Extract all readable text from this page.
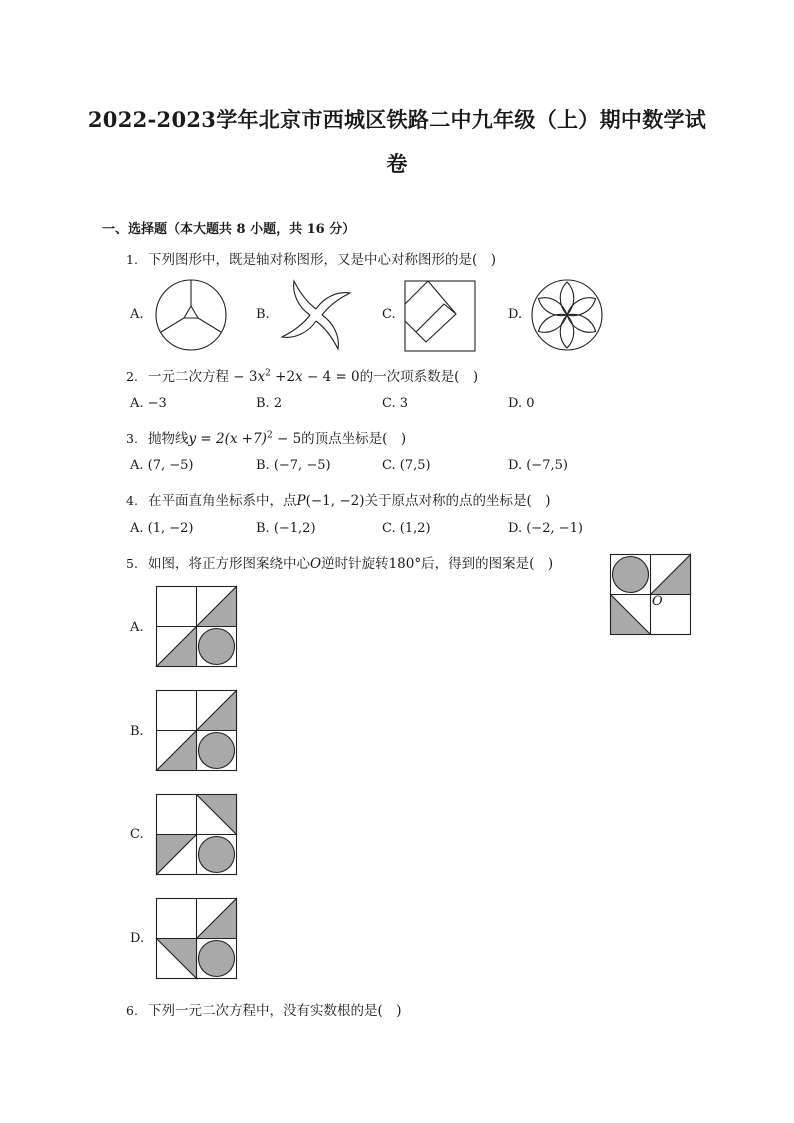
2022-2023学年北京市西城区铁路二中九年级（上）期中数学试
卷
一、选择题（本大题共 8 小题，共 16 分）
1. 下列图形中，既是轴对称图形，又是中心对称图形的是(　)
A.	B.	C.	D.
2. 一元二次方程 − $3x^2 +2x - 4 = 0$的一次项系数是(　)
A. −3	B. 2	C. 3	D. 0
3. 抛物线$y = 2(x +7)^2 - 5$的顶点坐标是(　)
A. (7, −5)	B. (−7, −5)	C. (7,5)	D. (−7,5)
4. 在平面直角坐标系中，点P(−1, −2)关于原点对称的点的坐标是(　)
A. (1, −2)	B. (−1,2)	C. (1,2)	D. (−2, −1)
5. 如图，将正方形图案绕中心O逆时针旋转180°后，得到的图案是(　)
O
A.
B.
C.
D.
6. 下列一元二次方程中，没有实数根的是(　)
